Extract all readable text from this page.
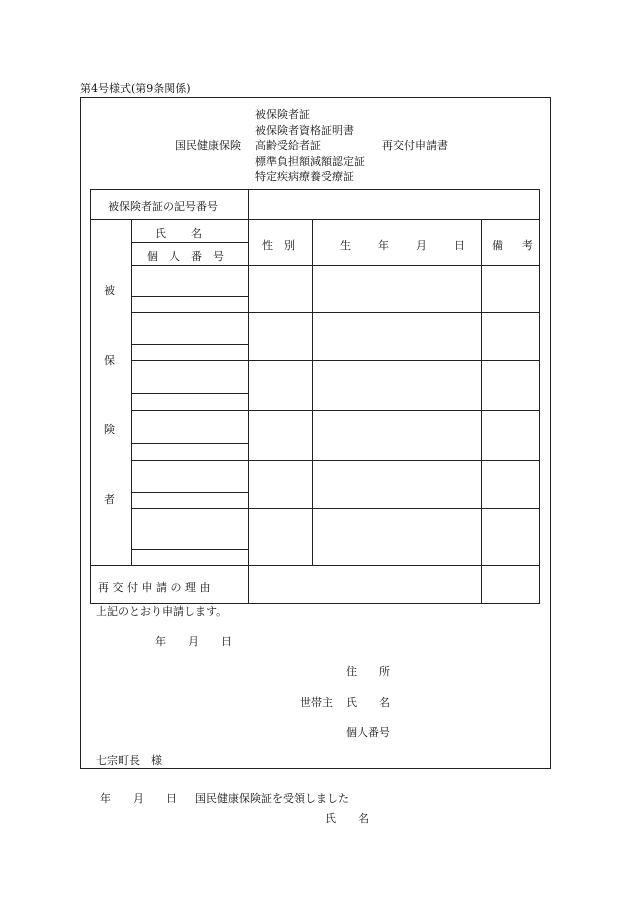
第4号様式(第9条関係)
国民健康保険
被保険者証
被保険者資格証明書
高齢受給者証
標準負担額減額認定証
特定疾病療養受療証
再交付申請書
被保険者証の記号番号
氏　　名
個　人　番　号
性　別	生　年　月　日 備　考
被
保
険
者
再 交 付 申 請 の 理 由
上記のとおり申請します。
年　　月　　日
住　　所
世帯主 氏　　名
個人番号
七宗町長　様
年　　月　　日 国民健康保険証を受領しました
氏　　名
